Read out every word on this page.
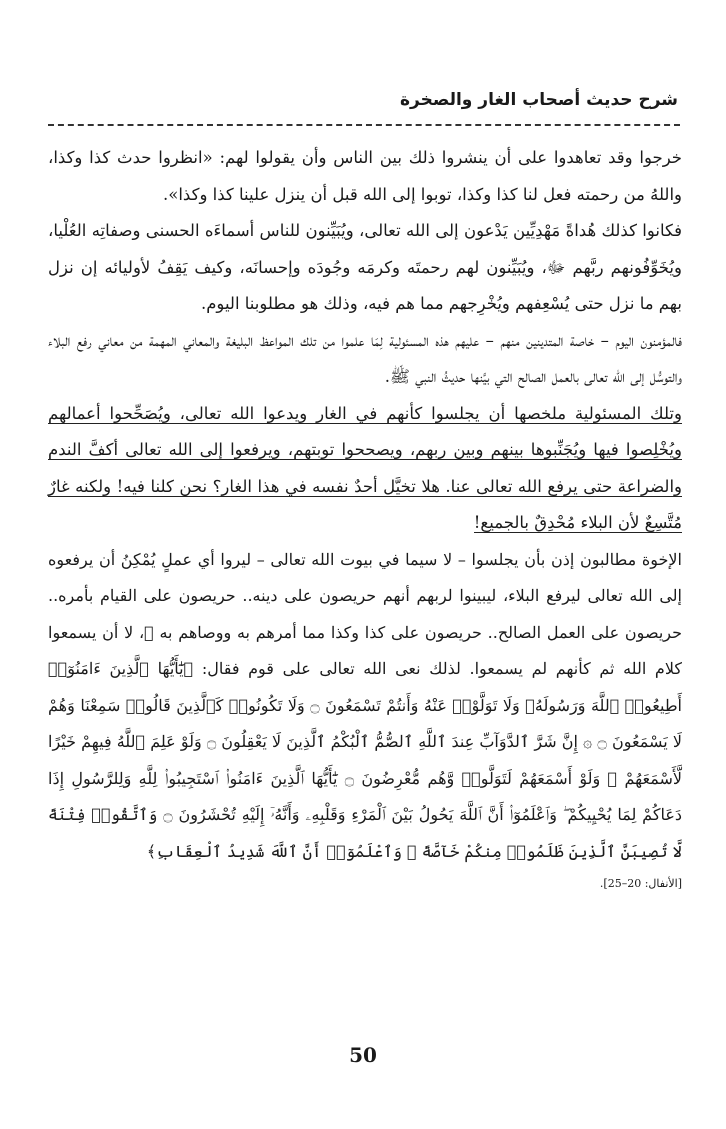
شرح حديث أصحاب الغار والصخرة

خرجوا وقد تعاهدوا على أن ينشروا ذلك بين الناس وأن يقولوا لهم: «انظروا حدث كذا وكذا، واللهُ من رحمته فعل لنا كذا وكذا، توبوا إلى الله قبل أن ينزل علينا كذا وكذا».

فكانوا كذلك هُداةً مَهْدِيِّين يَدْعون إلى الله تعالى، ويُبَيِّنون للناس أسماءَه الحسنى وصفاتِه العُلْيا، ويُخَوِّفُونهم ربَّهم ﷻ، ويُبَيِّنون لهم رحمتَه وكرمَه وجُودَه وإحسانَه، وكيف يَقِفُ لأوليائه إن نزل بهم ما نزل حتى يُسْعِفهم ويُخْرِجهم مما هم فيه، وذلك هو مطلوبنا اليوم.

فالمؤمنون اليوم – خاصة المتدينين منهم – عليهم هذه المسئولية لِمَا علموا من تلك المواعظ البليغة والمعاني المهمة من معاني رفع البلاء والتوسُّل إلى الله تعالى بالعمل الصالح التي بيَّنها حديثُ النبي ﷺ.

وتلك المسئولية ملخصها أن يجلسوا كأنهم في الغار ويدعوا الله تعالى، ويُصَحِّحوا أعمالهم ويُخْلِصوا فيها ويُجَنِّبوها بينهم وبين ربهم، ويصححوا توبتهم، ويرفعوا إلى الله تعالى أكفَّ الندم والضراعة حتى يرفع الله تعالى عنا. هلا تخيَّل أحدٌ نفسه في هذا الغار؟ نحن كلنا فيه! ولكنه غارٌ مُتَّسِعٌ لأن البلاء مُحْدِقٌ بالجميع!

الإخوة مطالبون إذن بأن يجلسوا – لا سيما في بيوت الله تعالى – ليروا أي عملٍ يُمْكِنُ أن يرفعوه إلى الله تعالى ليرفع البلاء، ليبينوا لربهم أنهم حريصون على دينه.. حريصون على القيام بأمره.. حريصون على العمل الصالح.. حريصون على كذا وكذا مما أمرهم به ووصاهم به ﷺ، لا أن يسمعوا كلام الله ثم كأنهم لم يسمعوا. لذلك نعى الله تعالى على قوم فقال: ﴿يَٰٓأَيُّهَا ٱلَّذِينَ ءَامَنُوٓا۟ أَطِيعُوا۟ ٱللَّهَ وَرَسُولَهُۥ وَلَا تَوَلَّوْا۟ عَنْهُ وَأَنتُمْ تَسْمَعُونَ ۝ وَلَا تَكُونُوا۟ كَٱلَّذِينَ قَالُوا۟ سَمِعْنَا وَهُمْ لَا يَسْمَعُونَ ۝ ۞ إِنَّ شَرَّ ٱلدَّوَآبِّ عِندَ ٱللَّهِ ٱلصُّمُّ ٱلْبُكْمُ ٱلَّذِينَ لَا يَعْقِلُونَ ۝ وَلَوْ عَلِمَ ٱللَّهُ فِيهِمْ خَيْرًا لَّأَسْمَعَهُمْ ۖ وَلَوْ أَسْمَعَهُمْ لَتَوَلَّوا۟ وَّهُم مُّعْرِضُونَ ۝ يَٰٓأَيُّهَا ٱلَّذِينَ ءَامَنُوا۟ ٱسْتَجِيبُوا۟ لِلَّهِ وَلِلرَّسُولِ إِذَا دَعَاكُمْ لِمَا يُحْيِيكُمْ ۖ وَٱعْلَمُوٓا۟ أَنَّ ٱللَّهَ يَحُولُ بَيْنَ ٱلْمَرْءِ وَقَلْبِهِۦ وَأَنَّهُۥٓ إِلَيْهِ تُحْشَرُونَ ۝ وَٱتَّقُوا۟ فِتْنَةً لَّا تُصِيبَنَّ ٱلَّذِينَ ظَلَمُوا۟ مِنكُمْ خَآصَّةً ۖ وَٱعْلَمُوٓا۟ أَنَّ ٱللَّهَ شَدِيدُ ٱلْعِقَابِ﴾

[الأنفال: 20–25].

50
